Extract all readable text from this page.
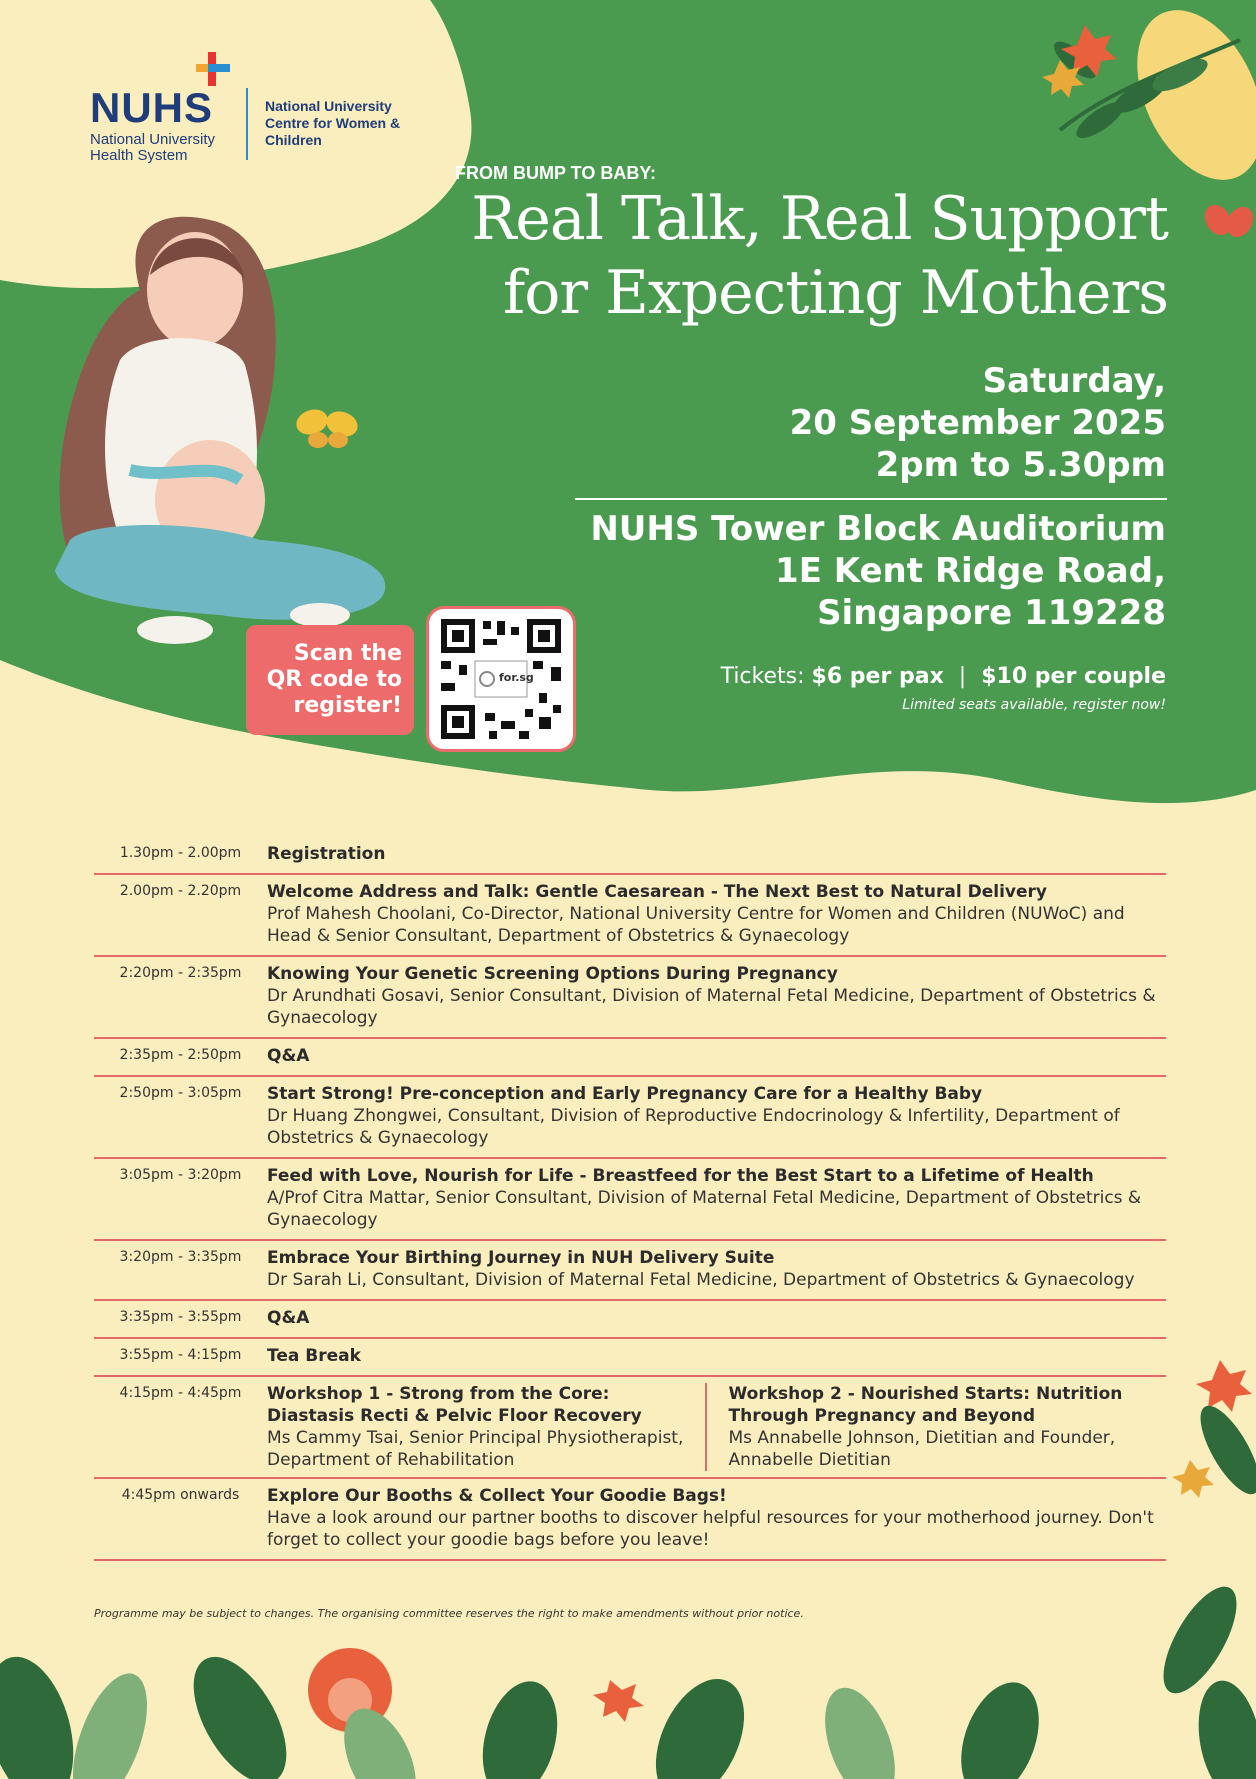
NUHS
National University Health System
National University Centre for Women & Children
FROM BUMP TO BABY:
Real Talk, Real Support
for Expecting Mothers
Saturday,
20 September 2025
2pm to 5.30pm
NUHS Tower Block Auditorium
1E Kent Ridge Road,
Singapore 119228
Tickets: $6 per pax | $10 per couple
Limited seats available, register now!
Scan the
QR code to
register!
for.sg
1.30pm - 2.00pm	Registration
2.00pm - 2.20pm	Welcome Address and Talk: Gentle Caesarean - The Next Best to Natural Delivery
Prof Mahesh Choolani, Co-Director, National University Centre for Women and Children (NUWoC) and Head & Senior Consultant, Department of Obstetrics & Gynaecology
2:20pm - 2:35pm	Knowing Your Genetic Screening Options During Pregnancy
Dr Arundhati Gosavi, Senior Consultant, Division of Maternal Fetal Medicine, Department of Obstetrics & Gynaecology
2:35pm - 2:50pm	Q&A
2:50pm - 3:05pm	Start Strong! Pre-conception and Early Pregnancy Care for a Healthy Baby
Dr Huang Zhongwei, Consultant, Division of Reproductive Endocrinology & Infertility, Department of Obstetrics & Gynaecology
3:05pm - 3:20pm	Feed with Love, Nourish for Life - Breastfeed for the Best Start to a Lifetime of Health
A/Prof Citra Mattar, Senior Consultant, Division of Maternal Fetal Medicine, Department of Obstetrics & Gynaecology
3:20pm - 3:35pm	Embrace Your Birthing Journey in NUH Delivery Suite
Dr Sarah Li, Consultant, Division of Maternal Fetal Medicine, Department of Obstetrics & Gynaecology
3:35pm - 3:55pm	Q&A
3:55pm - 4:15pm	Tea Break
4:15pm - 4:45pm	Workshop 1 - Strong from the Core: Diastasis Recti & Pelvic Floor Recovery
Ms Cammy Tsai, Senior Principal Physiotherapist, Department of Rehabilitation
Workshop 2 - Nourished Starts: Nutrition Through Pregnancy and Beyond
Ms Annabelle Johnson, Dietitian and Founder, Annabelle Dietitian
4:45pm onwards	Explore Our Booths & Collect Your Goodie Bags!
Have a look around our partner booths to discover helpful resources for your motherhood journey. Don't forget to collect your goodie bags before you leave!
Programme may be subject to changes. The organising committee reserves the right to make amendments without prior notice.
